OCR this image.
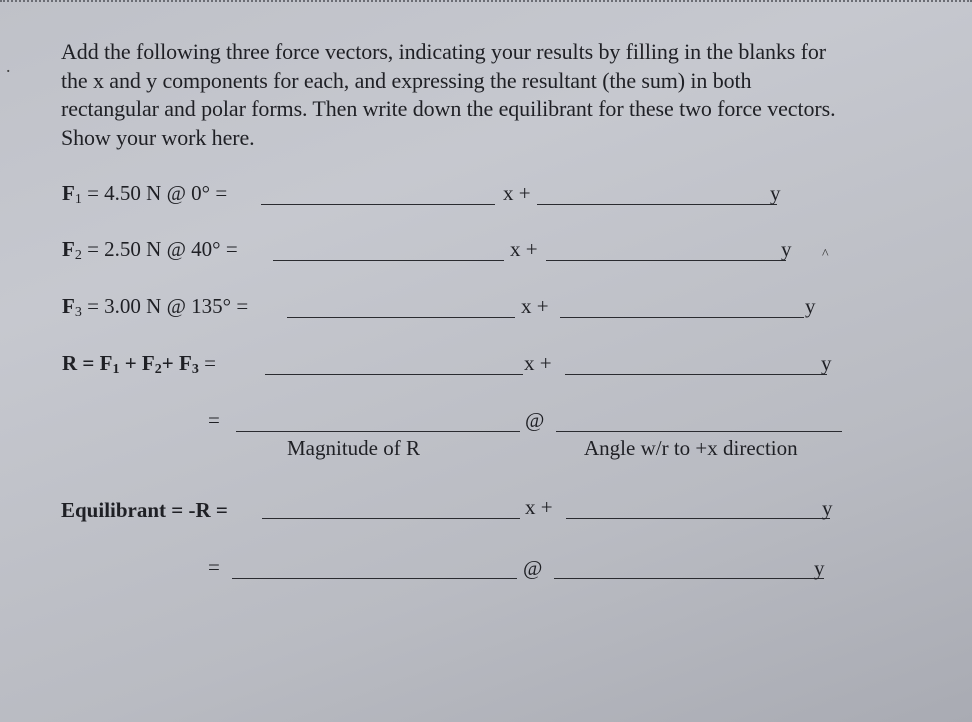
.

Add the following three force vectors, indicating your results by filling in the blanks for

the x and y components for each, and expressing the resultant (the sum) in both

rectangular and polar forms. Then write down the equilibrant for these two force vectors.

Show your work here.

$F_1 = 4.50$ N @ 0° =	x +	y
$F_2 = 2.50$ N @ 40° =	x +	y ^
$F_3 = 3.00$ N @ 135° =	x +	y
$R = F_1 + F_2+ F_3$ =	x +	y
=	@
Magnitude of R	Angle w/r to +x direction
Equilibrant = -R =	x +	y
=	@	y
